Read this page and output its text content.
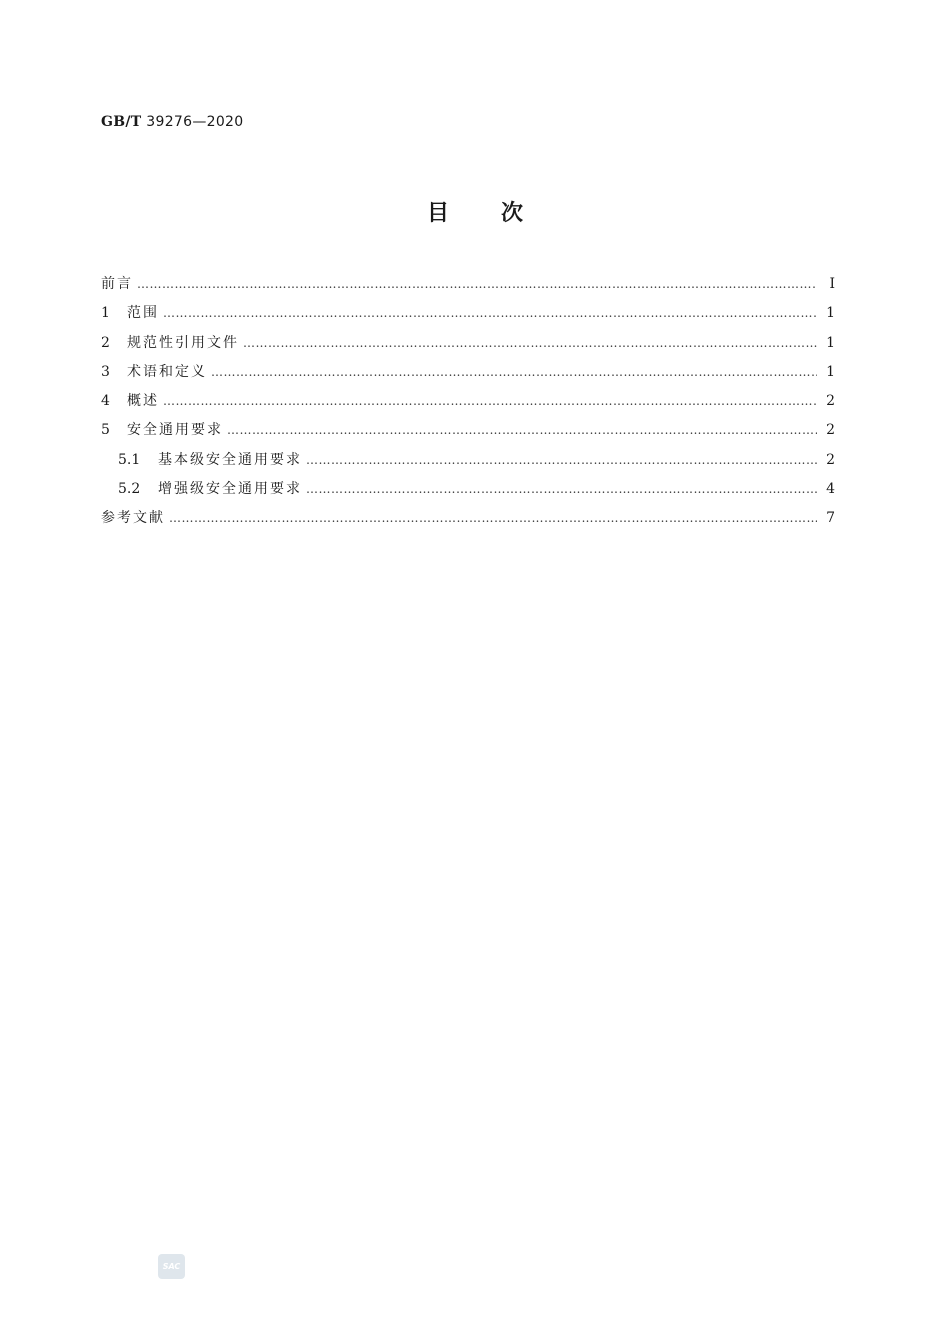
GB/T 39276—2020
目次
前言 ……………………………………………………………………………………………………………………………………………………………………………………………………	Ⅰ
1	范围 ……………………………………………………………………………………………………………………………………………………………………………………………………	1
2	规范性引用文件 ……………………………………………………………………………………………………………………………………………………………………………………………………	1
3	术语和定义 ……………………………………………………………………………………………………………………………………………………………………………………………………	1
4	概述 ……………………………………………………………………………………………………………………………………………………………………………………………………	2
5	安全通用要求 ……………………………………………………………………………………………………………………………………………………………………………………………………	2
5.1	基本级安全通用要求 ……………………………………………………………………………………………………………………………………………………………………………………………………	2
5.2	增强级安全通用要求 ……………………………………………………………………………………………………………………………………………………………………………………………………	4
参考文献 ……………………………………………………………………………………………………………………………………………………………………………………………………	7
SAC
